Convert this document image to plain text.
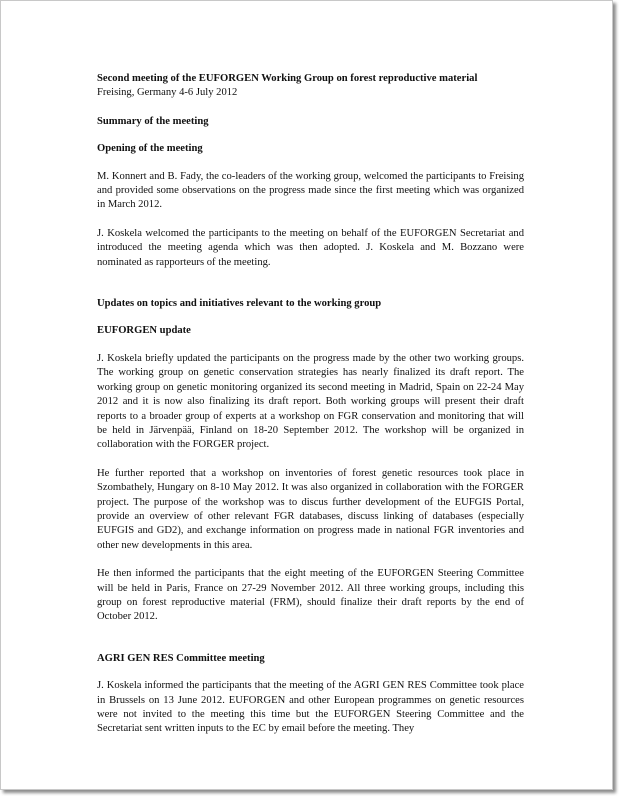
Second meeting of the EUFORGEN Working Group on forest reproductive material

Freising, Germany 4-6 July 2012

Summary of the meeting

Opening of the meeting

M. Konnert and B. Fady, the co-leaders of the working group, welcomed the participants to Freising and provided some observations on the progress made since the first meeting which was organized in March 2012.

J. Koskela welcomed the participants to the meeting on behalf of the EUFORGEN Secretariat and introduced the meeting agenda which was then adopted. J. Koskela and M. Bozzano were nominated as rapporteurs of the meeting.

Updates on topics and initiatives relevant to the working group

EUFORGEN update

J. Koskela briefly updated the participants on the progress made by the other two working groups. The working group on genetic conservation strategies has nearly finalized its draft report. The working group on genetic monitoring organized its second meeting in Madrid, Spain on 22-24 May 2012 and it is now also finalizing its draft report. Both working groups will present their draft reports to a broader group of experts at a workshop on FGR conservation and monitoring that will be held in Järvenpää, Finland on 18-20 September 2012. The workshop will be organized in collaboration with the FORGER project.

He further reported that a workshop on inventories of forest genetic resources took place in Szombathely, Hungary on 8-10 May 2012. It was also organized in collaboration with the FORGER project. The purpose of the workshop was to discus further development of the EUFGIS Portal, provide an overview of other relevant FGR databases, discuss linking of databases (especially EUFGIS and GD2), and exchange information on progress made in national FGR inventories and other new developments in this area.

He then informed the participants that the eight meeting of the EUFORGEN Steering Committee will be held in Paris, France on 27-29 November 2012. All three working groups, including this group on forest reproductive material (FRM), should finalize their draft reports by the end of October 2012.

AGRI GEN RES Committee meeting

J. Koskela informed the participants that the meeting of the AGRI GEN RES Committee took place in Brussels on 13 June 2012. EUFORGEN and other European programmes on genetic resources were not invited to the meeting this time but the EUFORGEN Steering Committee and the Secretariat sent written inputs to the EC by email before the meeting. They
